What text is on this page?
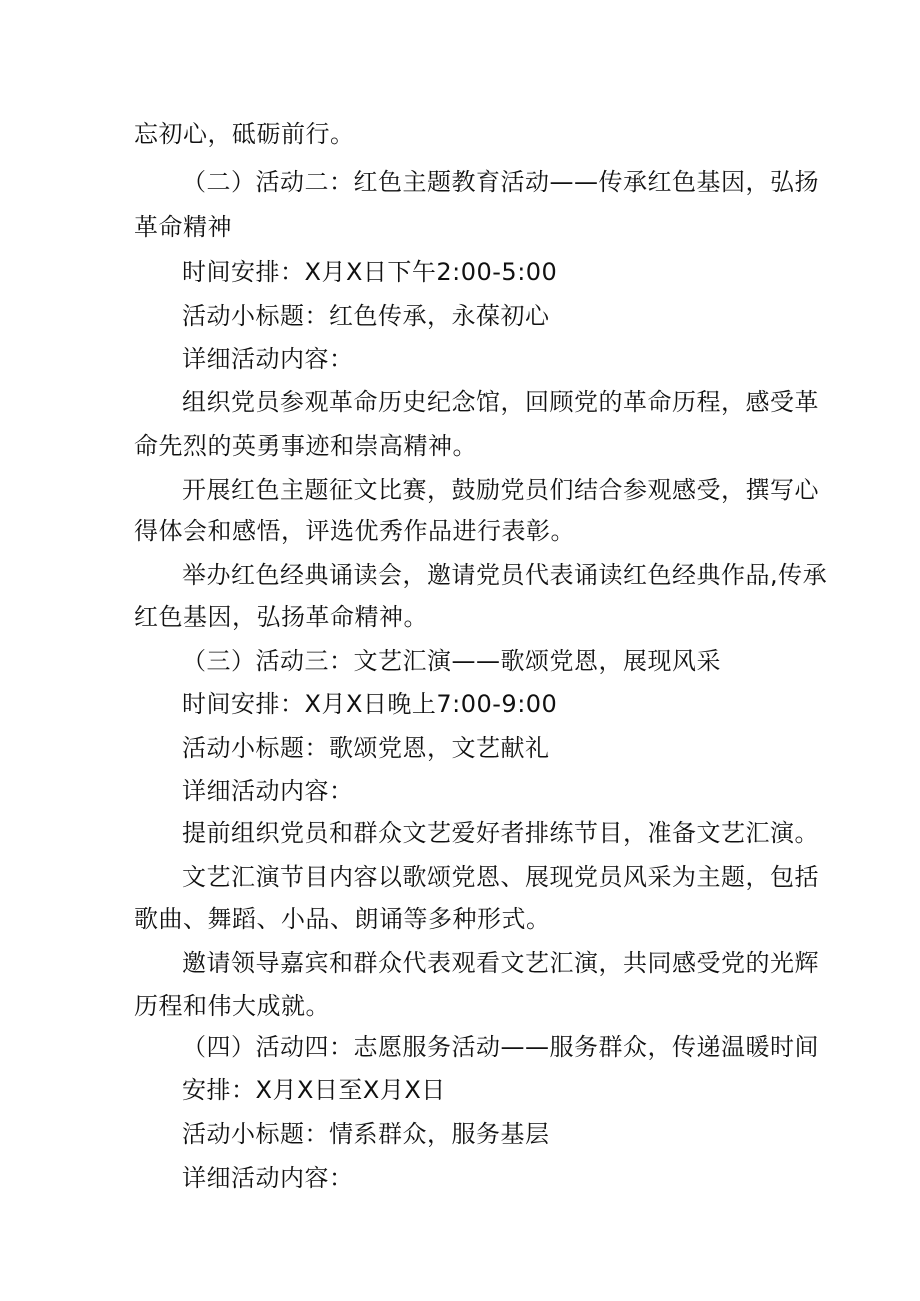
忘初心，砥砺前行。
（二）活动二：红色主题教育活动——传承红色基因，弘扬
革命精神
时间安排：X月X日下午2:00-5:00
活动小标题：红色传承，永葆初心
详细活动内容：
组织党员参观革命历史纪念馆，回顾党的革命历程，感受革
命先烈的英勇事迹和崇高精神。
开展红色主题征文比赛，鼓励党员们结合参观感受，撰写心
得体会和感悟，评选优秀作品进行表彰。
举办红色经典诵读会，邀请党员代表诵读红色经典作品,传承
红色基因，弘扬革命精神。
（三）活动三：文艺汇演——歌颂党恩，展现风采
时间安排：X月X日晚上7:00-9:00
活动小标题：歌颂党恩，文艺献礼
详细活动内容：
提前组织党员和群众文艺爱好者排练节目，准备文艺汇演。
文艺汇演节目内容以歌颂党恩、展现党员风采为主题，包括
歌曲、舞蹈、小品、朗诵等多种形式。
邀请领导嘉宾和群众代表观看文艺汇演，共同感受党的光辉
历程和伟大成就。
（四）活动四：志愿服务活动——服务群众，传递温暖时间
安排：X月X日至X月X日
活动小标题：情系群众，服务基层
详细活动内容：
